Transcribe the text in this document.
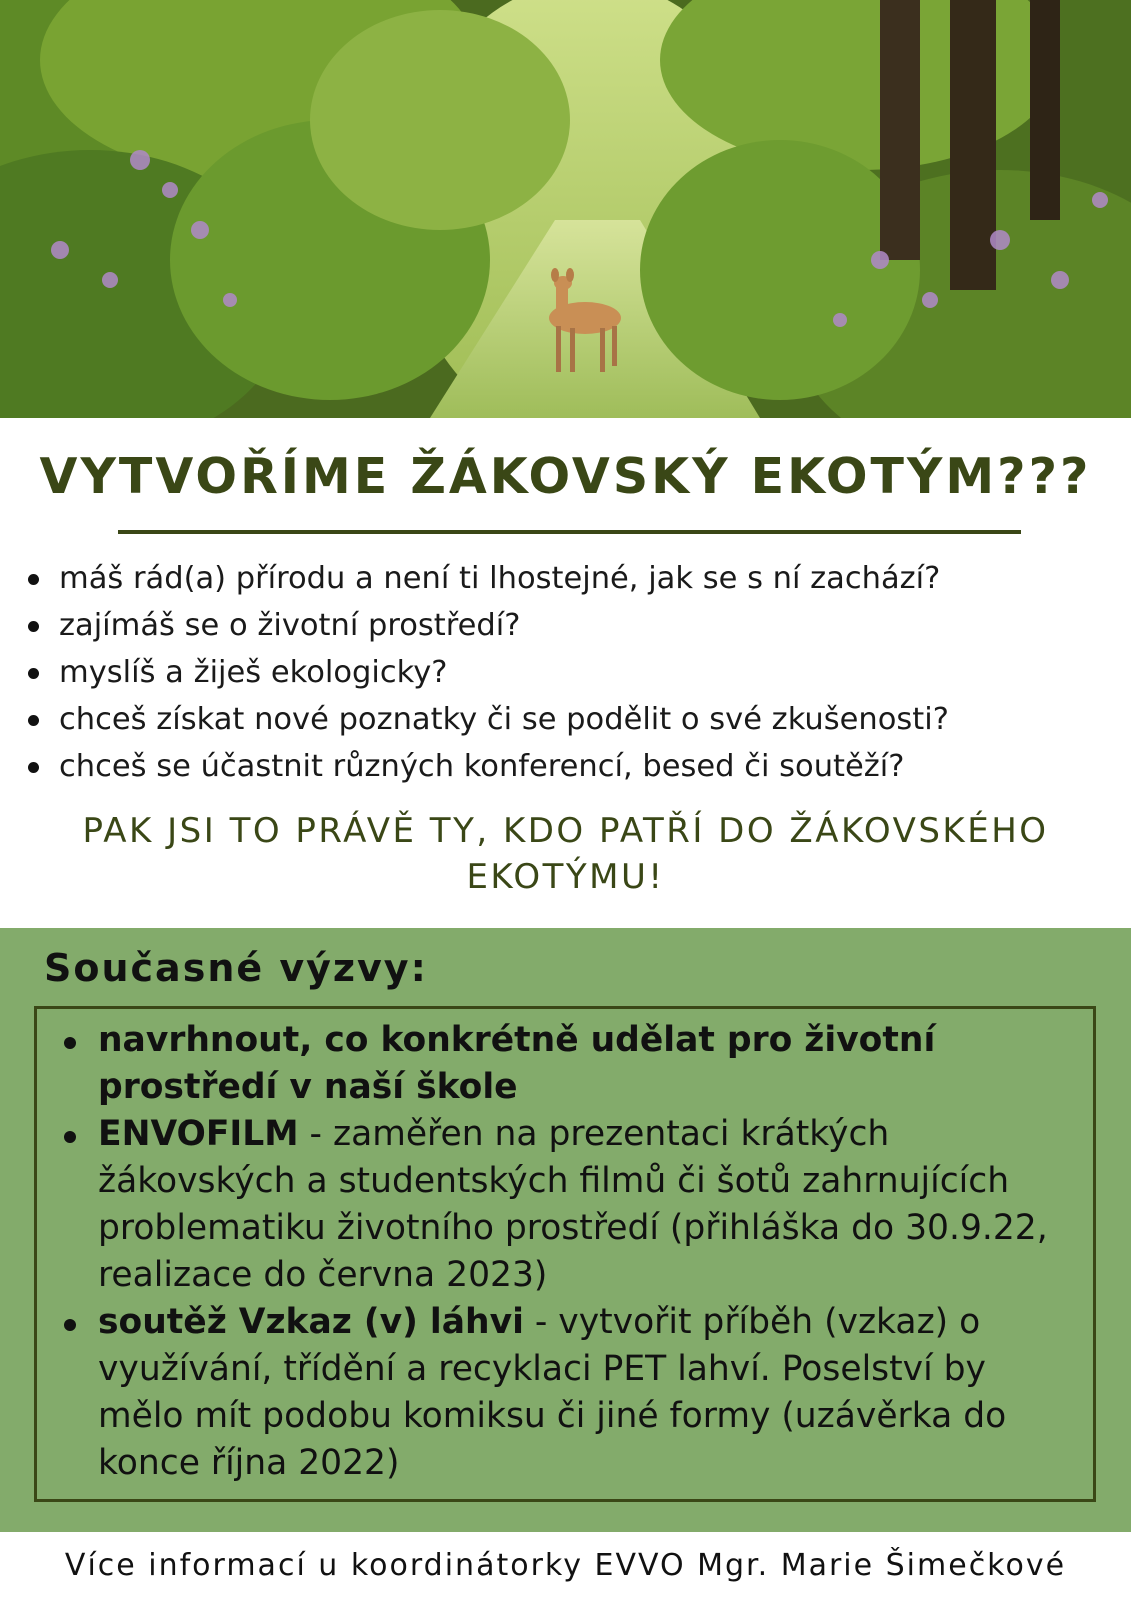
VYTVOŘÍME ŽÁKOVSKÝ EKOTÝM???
máš rád(a) přírodu a není ti lhostejné, jak se s ní zachází?
zajímáš se o životní prostředí?
myslíš a žiješ ekologicky?
chceš získat nové poznatky či se podělit o své zkušenosti?
chceš se účastnit různých konferencí, besed či soutěží?

PAK JSI TO PRÁVĚ TY, KDO PATŘÍ DO ŽÁKOVSKÉHO
EKOTÝMU!

Současné výzvy:
navrhnout, co konkrétně udělat pro životní prostředí v naší škole
ENVOFILM - zaměřen na prezentaci krátkých žákovských a studentských filmů či šotů zahrnujících problematiku životního prostředí (přihláška do 30.9.22, realizace do června 2023)
soutěž Vzkaz (v) láhvi - vytvořit příběh (vzkaz) o využívání, třídění a recyklaci PET lahví. Poselství by mělo mít podobu komiksu či jiné formy (uzávěrka do konce října 2022)

Více informací u koordinátorky EVVO Mgr. Marie Šimečkové
